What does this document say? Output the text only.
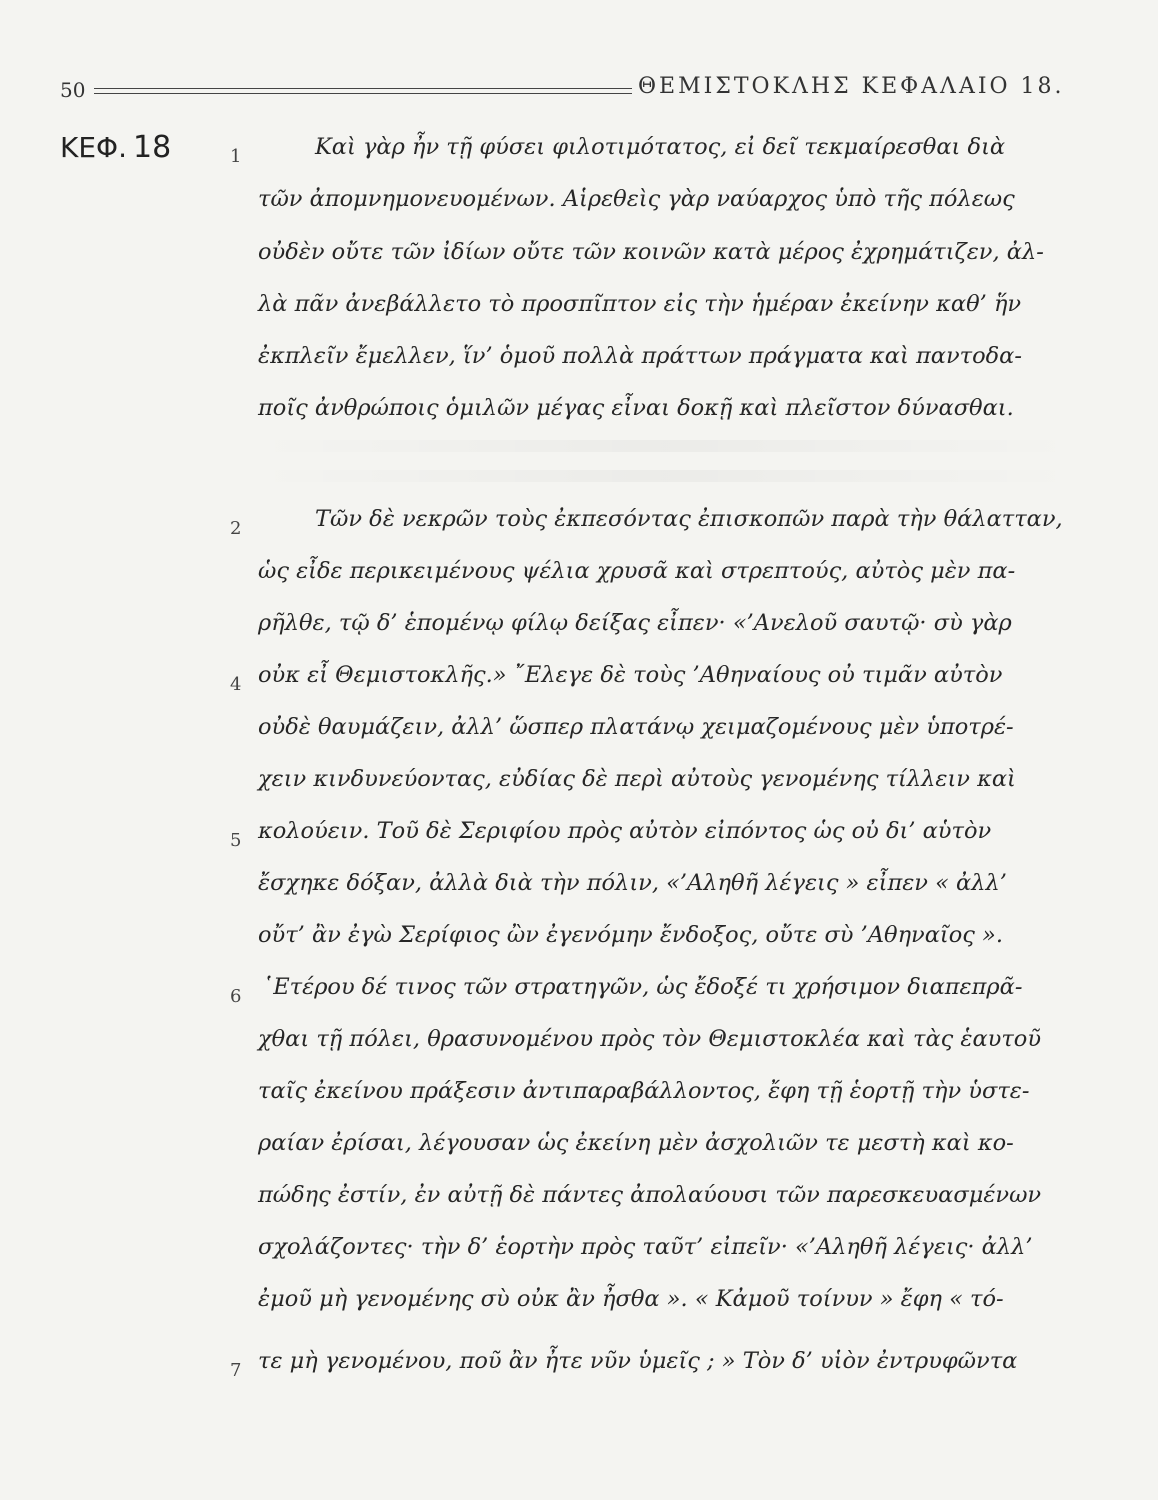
50	ΘΕΜΙΣΤΟΚΛΗΣ ΚΕΦΑΛΑΙΟ 18.
ΚΕΦ. 18	1
2
4
5
6
7
Καὶ γὰρ ἦν τῇ φύσει φιλοτιμότατος, εἰ δεῖ τεκμαίρεσθαι διὰ
τῶν ἀπομνημονευομένων. Αἱρεθεὶς γὰρ ναύαρχος ὑπὸ τῆς πόλεως
οὐδὲν οὔτε τῶν ἰδίων οὔτε τῶν κοινῶν κατὰ μέρος ἐχρημάτιζεν, ἀλ-
λὰ πᾶν ἀνεβάλλετο τὸ προσπῖπτον εἰς τὴν ἡμέραν ἐκείνην καθ’ ἥν
ἐκπλεῖν ἔμελλεν, ἵν’ ὁμοῦ πολλὰ πράττων πράγματα καὶ παντοδα-
ποῖς ἀνθρώποις ὁμιλῶν μέγας εἶναι δοκῇ καὶ πλεῖστον δύνασθαι.
Τῶν δὲ νεκρῶν τοὺς ἐκπεσόντας ἐπισκοπῶν παρὰ τὴν θάλατταν,
ὡς εἶδε περικειμένους ψέλια χρυσᾶ καὶ στρεπτούς, αὐτὸς μὲν πα-
ρῆλθε, τῷ δ’ ἑπομένῳ φίλῳ δείξας εἶπεν· «’Ανελοῦ σαυτῷ· σὺ γὰρ
οὐκ εἶ Θεμιστοκλῆς.» ῎Ελεγε δὲ τοὺς ’Αθηναίους οὐ τιμᾶν αὐτὸν
οὐδὲ θαυμάζειν, ἀλλ’ ὥσπερ πλατάνῳ χειμαζομένους μὲν ὑποτρέ-
χειν κινδυνεύοντας, εὐδίας δὲ περὶ αὐτοὺς γενομένης τίλλειν καὶ
κολούειν. Τοῦ δὲ Σεριφίου πρὸς αὐτὸν εἰπόντος ὡς οὐ δι’ αὑτὸν
ἔσχηκε δόξαν, ἀλλὰ διὰ τὴν πόλιν, «’Αληθῆ λέγεις » εἶπεν « ἀλλ’
οὔτ’ ἂν ἐγὼ Σερίφιος ὢν ἐγενόμην ἔνδοξος, οὔτε σὺ ’Αθηναῖος ».
῾Ετέρου δέ τινος τῶν στρατηγῶν, ὡς ἔδοξέ τι χρήσιμον διαπεπρᾶ-
χθαι τῇ πόλει, θρασυνομένου πρὸς τὸν Θεμιστοκλέα καὶ τὰς ἑαυτοῦ
ταῖς ἐκείνου πράξεσιν ἀντιπαραβάλλοντος, ἔφη τῇ ἑορτῇ τὴν ὑστε-
ραίαν ἐρίσαι, λέγουσαν ὡς ἐκείνη μὲν ἀσχολιῶν τε μεστὴ καὶ κο-
πώδης ἐστίν, ἐν αὐτῇ δὲ πάντες ἀπολαύουσι τῶν παρεσκευασμένων
σχολάζοντες· τὴν δ’ ἑορτὴν πρὸς ταῦτ’ εἰπεῖν· «’Αληθῆ λέγεις· ἀλλ’
ἐμοῦ μὴ γενομένης σὺ οὐκ ἂν ἦσθα ». « Κἀμοῦ τοίνυν » ἔφη « τό-
τε μὴ γενομένου, ποῦ ἂν ἦτε νῦν ὑμεῖς ; » Τὸν δ’ υἱὸν ἐντρυφῶντα
